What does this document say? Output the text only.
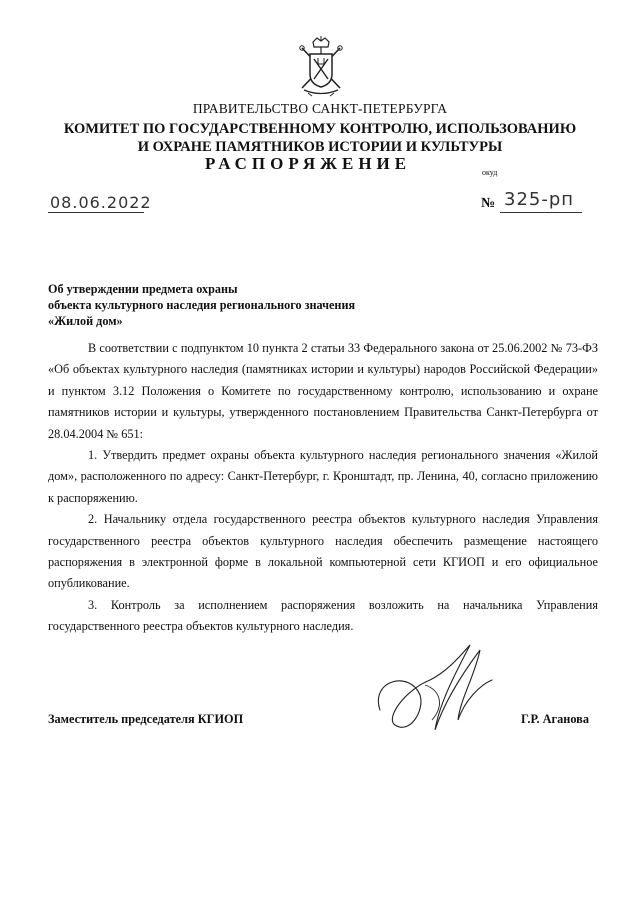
ПРАВИТЕЛЬСТВО САНКТ-ПЕТЕРБУРГА
КОМИТЕТ ПО ГОСУДАРСТВЕННОМУ КОНТРОЛЮ, ИСПОЛЬЗОВАНИЮ
И ОХРАНЕ ПАМЯТНИКОВ ИСТОРИИ И КУЛЬТУРЫ
РАСПОРЯЖЕНИЕ	окуд
08.06.2022	№ 325-рп
Об утверждении предмета охраны
объекта культурного наследия регионального значения
«Жилой дом»

В соответствии с подпунктом 10 пункта 2 статьи 33 Федерального закона от 25.06.2002 № 73-ФЗ «Об объектах культурного наследия (памятниках истории и культуры) народов Российской Федерации» и пунктом 3.12 Положения о Комитете по государственному контролю, использованию и охране памятников истории и культуры, утвержденного постановлением Правительства Санкт-Петербурга от 28.04.2004 № 651:

1. Утвердить предмет охраны объекта культурного наследия регионального значения «Жилой дом», расположенного по адресу: Санкт-Петербург, г. Кронштадт, пр. Ленина, 40, согласно приложению к распоряжению.

2. Начальнику отдела государственного реестра объектов культурного наследия Управления государственного реестра объектов культурного наследия обеспечить размещение настоящего распоряжения в электронной форме в локальной компьютерной сети КГИОП и его официальное опубликование.

3. Контроль за исполнением распоряжения возложить на начальника Управления государственного реестра объектов культурного наследия.

Заместитель председателя КГИОП	Г.Р. Аганова
